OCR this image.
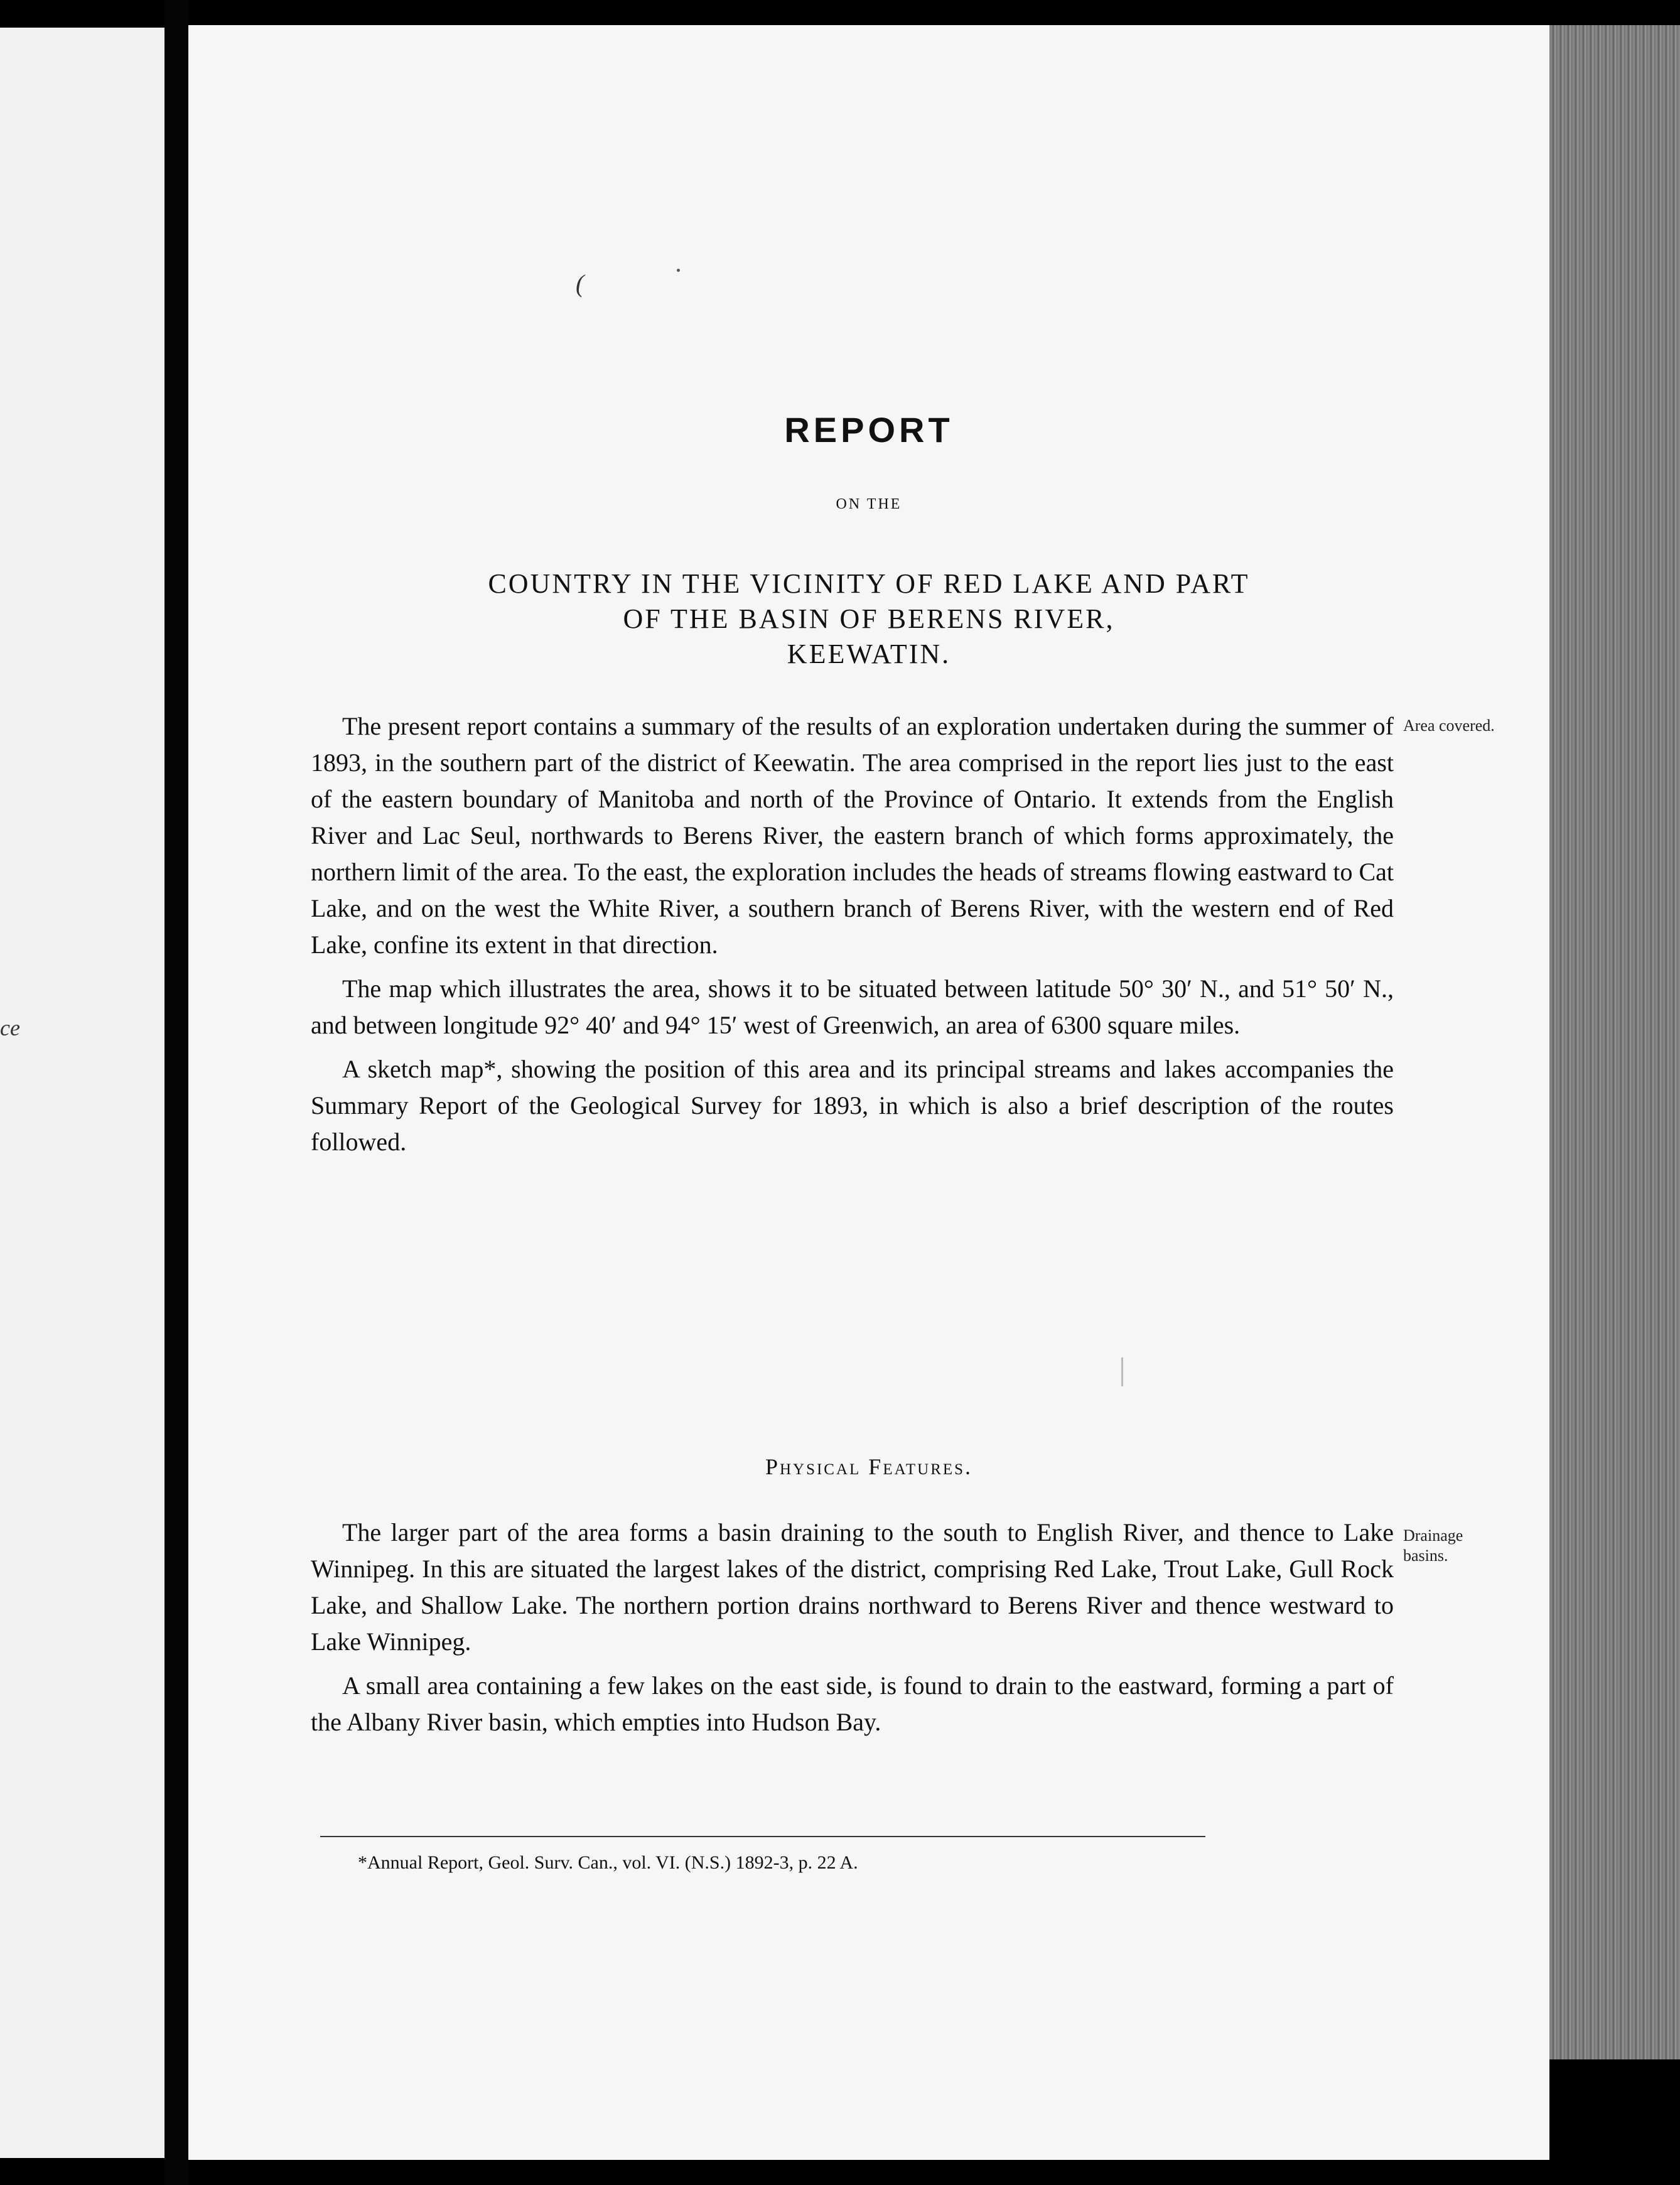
ce
(
REPORT
ON THE
COUNTRY IN THE VICINITY OF RED LAKE AND PART
OF THE BASIN OF BERENS RIVER,
KEEWATIN.

The present report contains a summary of the results of an exploration undertaken during the summer of 1893, in the southern part of the district of Keewatin. The area comprised in the report lies just to the east of the eastern boundary of Manitoba and north of the Province of Ontario. It extends from the English River and Lac Seul, northwards to Berens River, the eastern branch of which forms approximately, the northern limit of the area. To the east, the exploration includes the heads of streams flowing eastward to Cat Lake, and on the west the White River, a southern branch of Berens River, with the western end of Red Lake, confine its extent in that direction.

The map which illustrates the area, shows it to be situated between latitude 50° 30′ N., and 51° 50′ N., and between longitude 92° 40′ and 94° 15′ west of Greenwich, an area of 6300 square miles.

A sketch map*, showing the position of this area and its principal streams and lakes accompanies the Summary Report of the Geological Survey for 1893, in which is also a brief description of the routes followed.

Area covered.
Physical Features.

The larger part of the area forms a basin draining to the south to English River, and thence to Lake Winnipeg. In this are situated the largest lakes of the district, comprising Red Lake, Trout Lake, Gull Rock Lake, and Shallow Lake. The northern portion drains northward to Berens River and thence westward to Lake Winnipeg.

A small area containing a few lakes on the east side, is found to drain to the eastward, forming a part of the Albany River basin, which empties into Hudson Bay.

Drainage
basins.
*Annual Report, Geol. Surv. Can., vol. VI. (N.S.) 1892-3, p. 22 A.
